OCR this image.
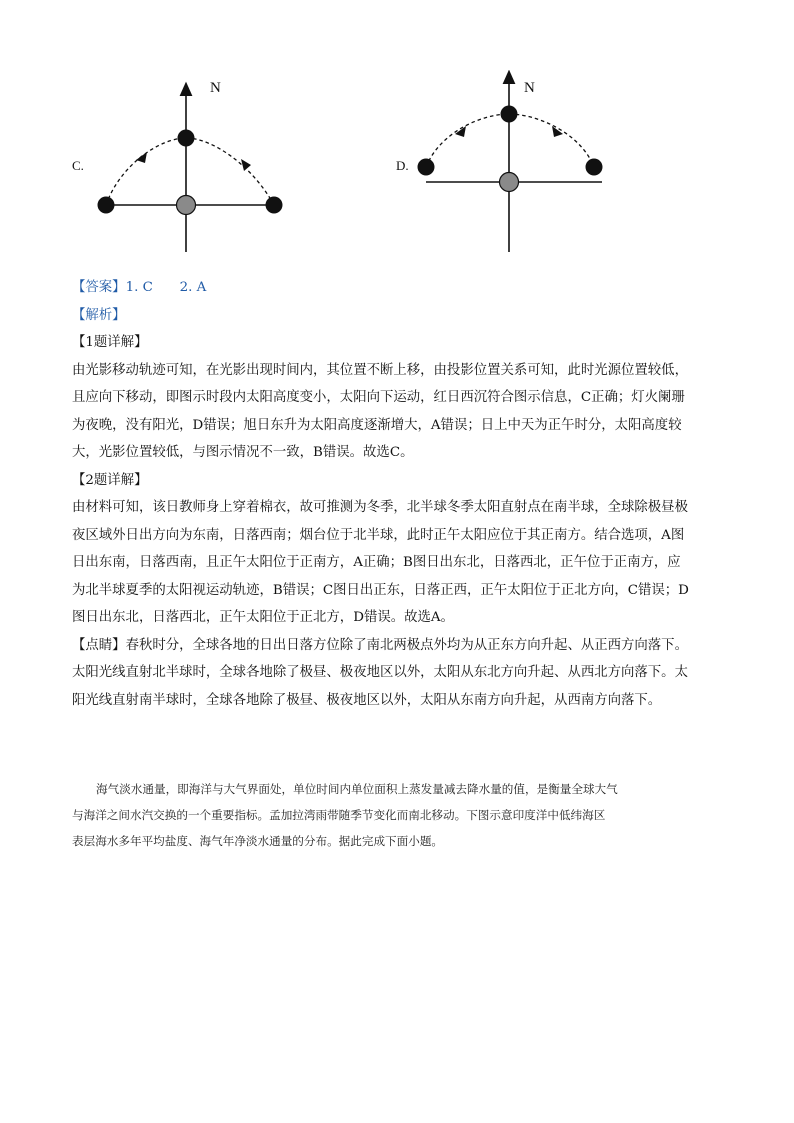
C.
N
D.
N
【答案】1. C　　2. A
【解析】
【1题详解】
由光影移动轨迹可知，在光影出现时间内，其位置不断上移，由投影位置关系可知，此时光源位置较低，
且应向下移动，即图示时段内太阳高度变小，太阳向下运动，红日西沉符合图示信息，C正确；灯火阑珊
为夜晚，没有阳光，D错误；旭日东升为太阳高度逐渐增大，A错误；日上中天为正午时分，太阳高度较
大，光影位置较低，与图示情况不一致，B错误。故选C。
【2题详解】
由材料可知，该日教师身上穿着棉衣，故可推测为冬季，北半球冬季太阳直射点在南半球，全球除极昼极
夜区域外日出方向为东南，日落西南；烟台位于北半球，此时正午太阳应位于其正南方。结合选项，A图
日出东南，日落西南，且正午太阳位于正南方，A正确；B图日出东北，日落西北，正午位于正南方，应
为北半球夏季的太阳视运动轨迹，B错误；C图日出正东，日落正西，正午太阳位于正北方向，C错误；D
图日出东北，日落西北，正午太阳位于正北方，D错误。故选A。
【点睛】春秋时分，全球各地的日出日落方位除了南北两极点外均为从正东方向升起、从正西方向落下。
太阳光线直射北半球时，全球各地除了极昼、极夜地区以外，太阳从东北方向升起、从西北方向落下。太
阳光线直射南半球时，全球各地除了极昼、极夜地区以外，太阳从东南方向升起，从西南方向落下。
海气淡水通量，即海洋与大气界面处，单位时间内单位面积上蒸发量减去降水量的值，是衡量全球大气
与海洋之间水汽交换的一个重要指标。孟加拉湾雨带随季节变化而南北移动。下图示意印度洋中低纬海区
表层海水多年平均盐度、海气年净淡水通量的分布。据此完成下面小题。
